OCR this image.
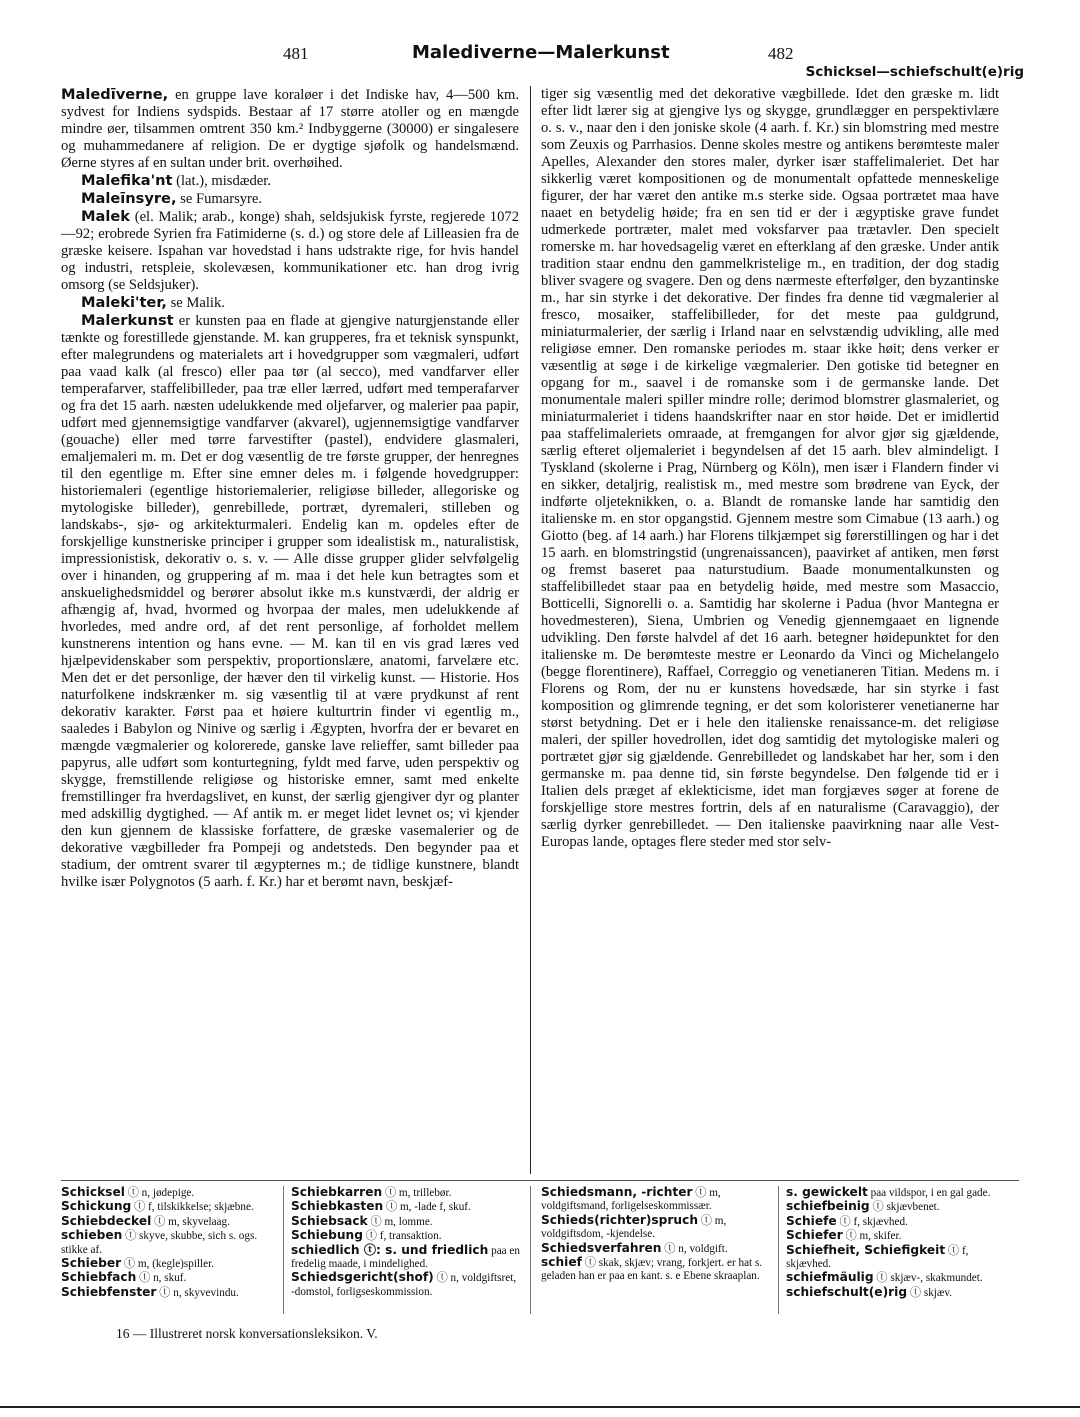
481	Malediverne—Malerkunst	482
Schicksel—schiefschult(e)rig

Maledīverne, en gruppe lave koraløer i det Indiske hav, 4—500 km. sydvest for Indiens sydspids. Bestaar af 17 større atoller og en mængde mindre øer, tilsammen omtrent 350 km.² Indbyggerne (30000) er singalesere og muhammedanere af religion. De er dygtige sjøfolk og handelsmænd. Øerne styres af en sultan under brit. overhøihed.

Malefika'nt (lat.), misdæder.

Maleīnsyre, se Fumarsyre.

Malek (el. Malik; arab., konge) shah, seldsjukisk fyrste, regjerede 1072—92; erobrede Syrien fra Fatimiderne (s. d.) og store dele af Lilleasien fra de græske keisere. Ispahan var hovedstad i hans udstrakte rige, for hvis handel og industri, retspleie, skolevæsen, kommunikationer etc. han drog ivrig omsorg (se Seldsjuker).

Maleki'ter, se Malik.

Malerkunst er kunsten paa en flade at gjengive naturgjenstande eller tænkte og forestillede gjenstande. M. kan grupperes, fra et teknisk synspunkt, efter malegrundens og materialets art i hovedgrupper som vægmaleri, udført paa vaad kalk (al fresco) eller paa tør (al secco), med vandfarver eller temperafarver, staffelibilleder, paa træ eller lærred, udført med temperafarver og fra det 15 aarh. næsten udelukkende med oljefarver, og malerier paa papir, udført med gjennemsigtige vandfarver (akvarel), ugjennemsigtige vandfarver (gouache) eller med tørre farvestifter (pastel), endvidere glasmaleri, emaljemaleri m. m. Det er dog væsentlig de tre første grupper, der henregnes til den egentlige m. Efter sine emner deles m. i følgende hovedgrupper: historiemaleri (egentlige historiemalerier, religiøse billeder, allegoriske og mytologiske billeder), genrebillede, portræt, dyremaleri, stilleben og landskabs-, sjø- og arkitekturmaleri. Endelig kan m. opdeles efter de forskjellige kunstneriske principer i grupper som idealistisk m., naturalistisk, impressionistisk, dekorativ o. s. v. — Alle disse grupper glider selvfølgelig over i hinanden, og gruppering af m. maa i det hele kun betragtes som et anskuelighedsmiddel og berører absolut ikke m.s kunstværdi, der aldrig er afhængig af, hvad, hvormed og hvorpaa der males, men udelukkende af hvorledes, med andre ord, af det rent personlige, af forholdet mellem kunstnerens intention og hans evne. — M. kan til en vis grad læres ved hjælpevidenskaber som perspektiv, proportionslære, anatomi, farvelære etc. Men det er det personlige, der hæver den til virkelig kunst. — Historie. Hos naturfolkene indskrænker m. sig væsentlig til at være prydkunst af rent dekorativ karakter. Først paa et høiere kulturtrin finder vi egentlig m., saaledes i Babylon og Ninive og særlig i Ægypten, hvorfra der er bevaret en mængde vægmalerier og kolorerede, ganske lave relieffer, samt billeder paa papyrus, alle udført som konturtegning, fyldt med farve, uden perspektiv og skygge, fremstillende religiøse og historiske emner, samt med enkelte fremstillinger fra hverdagslivet, en kunst, der særlig gjengiver dyr og planter med adskillig dygtighed. — Af antik m. er meget lidet levnet os; vi kjender den kun gjennem de klassiske forfattere, de græske vasemalerier og de dekorative vægbilleder fra Pompeji og andetsteds. Den begynder paa et stadium, der omtrent svarer til ægypternes m.; de tidlige kunstnere, blandt hvilke især Polygnotos (5 aarh. f. Kr.) har et berømt navn, beskjæf-

tiger sig væsentlig med det dekorative vægbillede. Idet den græske m. lidt efter lidt lærer sig at gjengive lys og skygge, grundlægger en perspektivlære o. s. v., naar den i den joniske skole (4 aarh. f. Kr.) sin blomstring med mestre som Zeuxis og Parrhasios. Denne skoles mestre og antikens berømteste maler Apelles, Alexander den stores maler, dyrker især staffelimaleriet. Det har sikkerlig været kompositionen og de monumentalt opfattede menneskelige figurer, der har været den antike m.s sterke side. Ogsaa portrætet maa have naaet en betydelig høide; fra en sen tid er der i ægyptiske grave fundet udmerkede portræter, malet med voksfarver paa trætavler. Den specielt romerske m. har hovedsagelig været en efterklang af den græske. Under antik tradition staar endnu den gammelkristelige m., en tradition, der dog stadig bliver svagere og svagere. Den og dens nærmeste efterfølger, den byzantinske m., har sin styrke i det dekorative. Der findes fra denne tid vægmalerier al fresco, mosaiker, staffelibilleder, for det meste paa guldgrund, miniaturmalerier, der særlig i Irland naar en selvstændig udvikling, alle med religiøse emner. Den romanske periodes m. staar ikke høit; dens verker er væsentlig at søge i de kirkelige vægmalerier. Den gotiske tid betegner en opgang for m., saavel i de romanske som i de germanske lande. Det monumentale maleri spiller mindre rolle; derimod blomstrer glasmaleriet, og miniaturmaleriet i tidens haandskrifter naar en stor høide. Det er imidlertid paa staffelimaleriets omraade, at fremgangen for alvor gjør sig gjældende, særlig efteret oljemaleriet i begyndelsen af det 15 aarh. blev almindeligt. I Tyskland (skolerne i Prag, Nürnberg og Köln), men især i Flandern finder vi en sikker, detaljrig, realistisk m., med mestre som brødrene van Eyck, der indførte oljeteknikken, o. a. Blandt de romanske lande har samtidig den italienske m. en stor opgangstid. Gjennem mestre som Cimabue (13 aarh.) og Giotto (beg. af 14 aarh.) har Florens tilkjæmpet sig førerstillingen og har i det 15 aarh. en blomstringstid (ungrenaissancen), paavirket af antiken, men først og fremst baseret paa naturstudium. Baade monumentalkunsten og staffelibilledet staar paa en betydelig høide, med mestre som Masaccio, Botticelli, Signorelli o. a. Samtidig har skolerne i Padua (hvor Mantegna er hovedmesteren), Siena, Umbrien og Venedig gjennemgaaet en lignende udvikling. Den første halvdel af det 16 aarh. betegner høidepunktet for den italienske m. De berømteste mestre er Leonardo da Vinci og Michelangelo (begge florentinere), Raffael, Correggio og venetianeren Titian. Medens m. i Florens og Rom, der nu er kunstens hovedsæde, har sin styrke i fast komposition og glimrende tegning, er det som koloristerer venetianerne har størst betydning. Det er i hele den italienske renaissance-m. det religiøse maleri, der spiller hovedrollen, idet dog samtidig det mytologiske maleri og portrætet gjør sig gjældende. Genrebilledet og landskabet har her, som i den germanske m. paa denne tid, sin første begyndelse. Den følgende tid er i Italien dels præget af eklekticisme, idet man forgjæves søger at forene de forskjellige store mestres fortrin, dels af en naturalisme (Caravaggio), der særlig dyrker genrebilledet. — Den italienske paavirkning naar alle Vest-Europas lande, optages flere steder med stor selv-

Schicksel ⓣ n, jødepige.

Schickung ⓣ f, tilskikkelse; skjæbne.

Schiebdeckel ⓣ m, skyvelaag.

schieben ⓣ skyve, skubbe, sich s. ogs. stikke af.

Schieber ⓣ m, (kegle)spiller.

Schiebfach ⓣ n, skuf.

Schiebfenster ⓣ n, skyvevindu.

Schiebkarren ⓣ m, trillebør.

Schiebkasten ⓣ m, -lade f, skuf.

Schiebsack ⓣ m, lomme.

Schiebung ⓣ f, transaktion.

schiedlich ⓣ: s. und friedlich paa en fredelig maade, i mindelighed.

Schiedsgericht(shof) ⓣ n, voldgiftsret, -domstol, forligseskommission.

Schiedsmann, -richter ⓣ m, voldgiftsmand, forligelseskommissær.

Schieds(richter)spruch ⓣ m, voldgiftsdom, -kjendelse.

Schiedsverfahren ⓣ n, voldgift.

schief ⓣ skak, skjæv; vrang, forkjert. er hat s. geladen han er paa en kant. s. e Ebene skraaplan.

s. gewickelt paa vildspor, i en gal gade.

schiefbeinig ⓣ skjævbenet.

Schiefe ⓣ f, skjævhed.

Schiefer ⓣ m, skifer.

Schiefheit, Schiefigkeit ⓣ f, skjævhed.

schiefmäulig ⓣ skjæv-, skakmundet.

schiefschult(e)rig ⓣ skjæv.

16 — Illustreret norsk konversationsleksikon. V.
